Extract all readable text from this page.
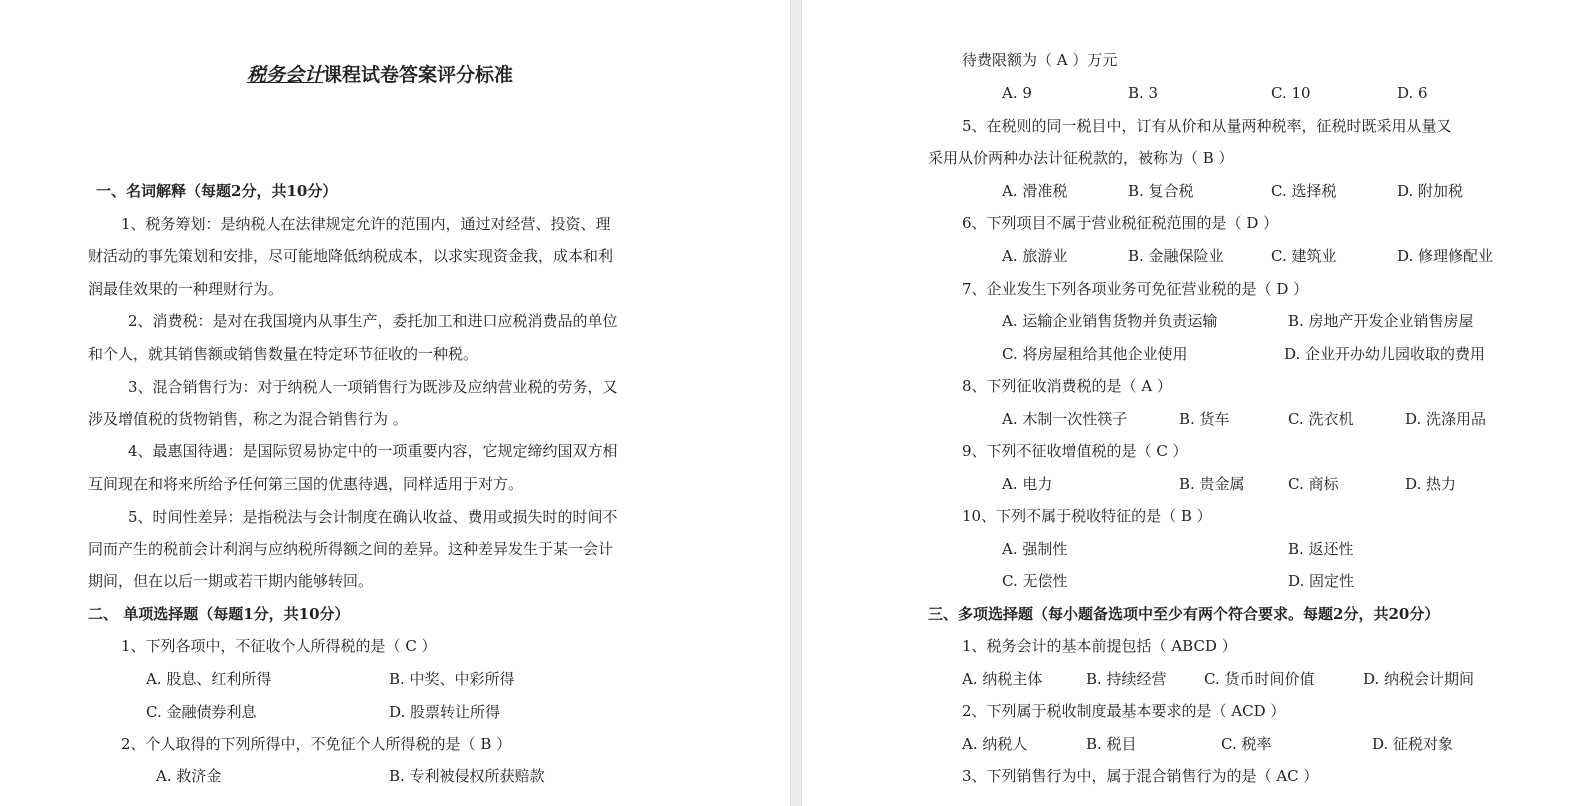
税务会计课程试卷答案评分标准
一、名词解释（每题2分，共10分）
1、税务筹划：是纳税人在法律规定允许的范围内，通过对经营、投资、理
财活动的事先策划和安排，尽可能地降低纳税成本，以求实现资金我，成本和利
润最佳效果的一种理财行为。
2、消费税：是对在我国境内从事生产，委托加工和进口应税消费品的单位
和个人，就其销售额或销售数量在特定环节征收的一种税。
3、混合销售行为：对于纳税人一项销售行为既涉及应纳营业税的劳务，又
涉及增值税的货物销售，称之为混合销售行为 。
4、最惠国待遇：是国际贸易协定中的一项重要内容，它规定缔约国双方相
互间现在和将来所给予任何第三国的优惠待遇，同样适用于对方。
5、时间性差异：是指税法与会计制度在确认收益、费用或损失时的时间不
同而产生的税前会计利润与应纳税所得额之间的差异。这种差异发生于某一会计
期间，但在以后一期或若干期内能够转回。
二、 单项选择题（每题1分，共10分）
1、下列各项中，不征收个人所得税的是（ C ）
A. 股息、红利所得	B. 中奖、中彩所得
C. 金融债券利息	D. 股票转让所得
2、个人取得的下列所得中，不免征个人所得税的是（ B ）
A. 救济金	B. 专利被侵权所获赔款
待费限额为（ A ）万元
A. 9	B. 3	C. 10	D. 6
5、在税则的同一税目中，订有从价和从量两种税率，征税时既采用从量又
采用从价两种办法计征税款的，被称为（ B ）
A. 滑准税	B. 复合税	C. 选择税	D. 附加税
6、下列项目不属于营业税征税范围的是（ D ）
A. 旅游业	B. 金融保险业	C. 建筑业	D. 修理修配业
7、企业发生下列各项业务可免征营业税的是（ D ）
A. 运输企业销售货物并负责运输	B. 房地产开发企业销售房屋
C. 将房屋租给其他企业使用	D. 企业开办幼儿园收取的费用
8、下列征收消费税的是（ A ）
A. 木制一次性筷子	B. 货车	C. 洗衣机	D. 洗涤用品
9、下列不征收增值税的是（ C ）
A. 电力	B. 贵金属	C. 商标	D. 热力
10、下列不属于税收特征的是（ B ）
A. 强制性	B. 返还性
C. 无偿性	D. 固定性
三、多项选择题（每小题备选项中至少有两个符合要求。每题2分，共20分）
1、税务会计的基本前提包括（ ABCD ）
A. 纳税主体	B. 持续经营 C. 货币时间价值	D. 纳税会计期间
2、下列属于税收制度最基本要求的是（ ACD ）
A. 纳税人	B. 税目	C. 税率	D. 征税对象
3、下列销售行为中，属于混合销售行为的是（ AC ）
